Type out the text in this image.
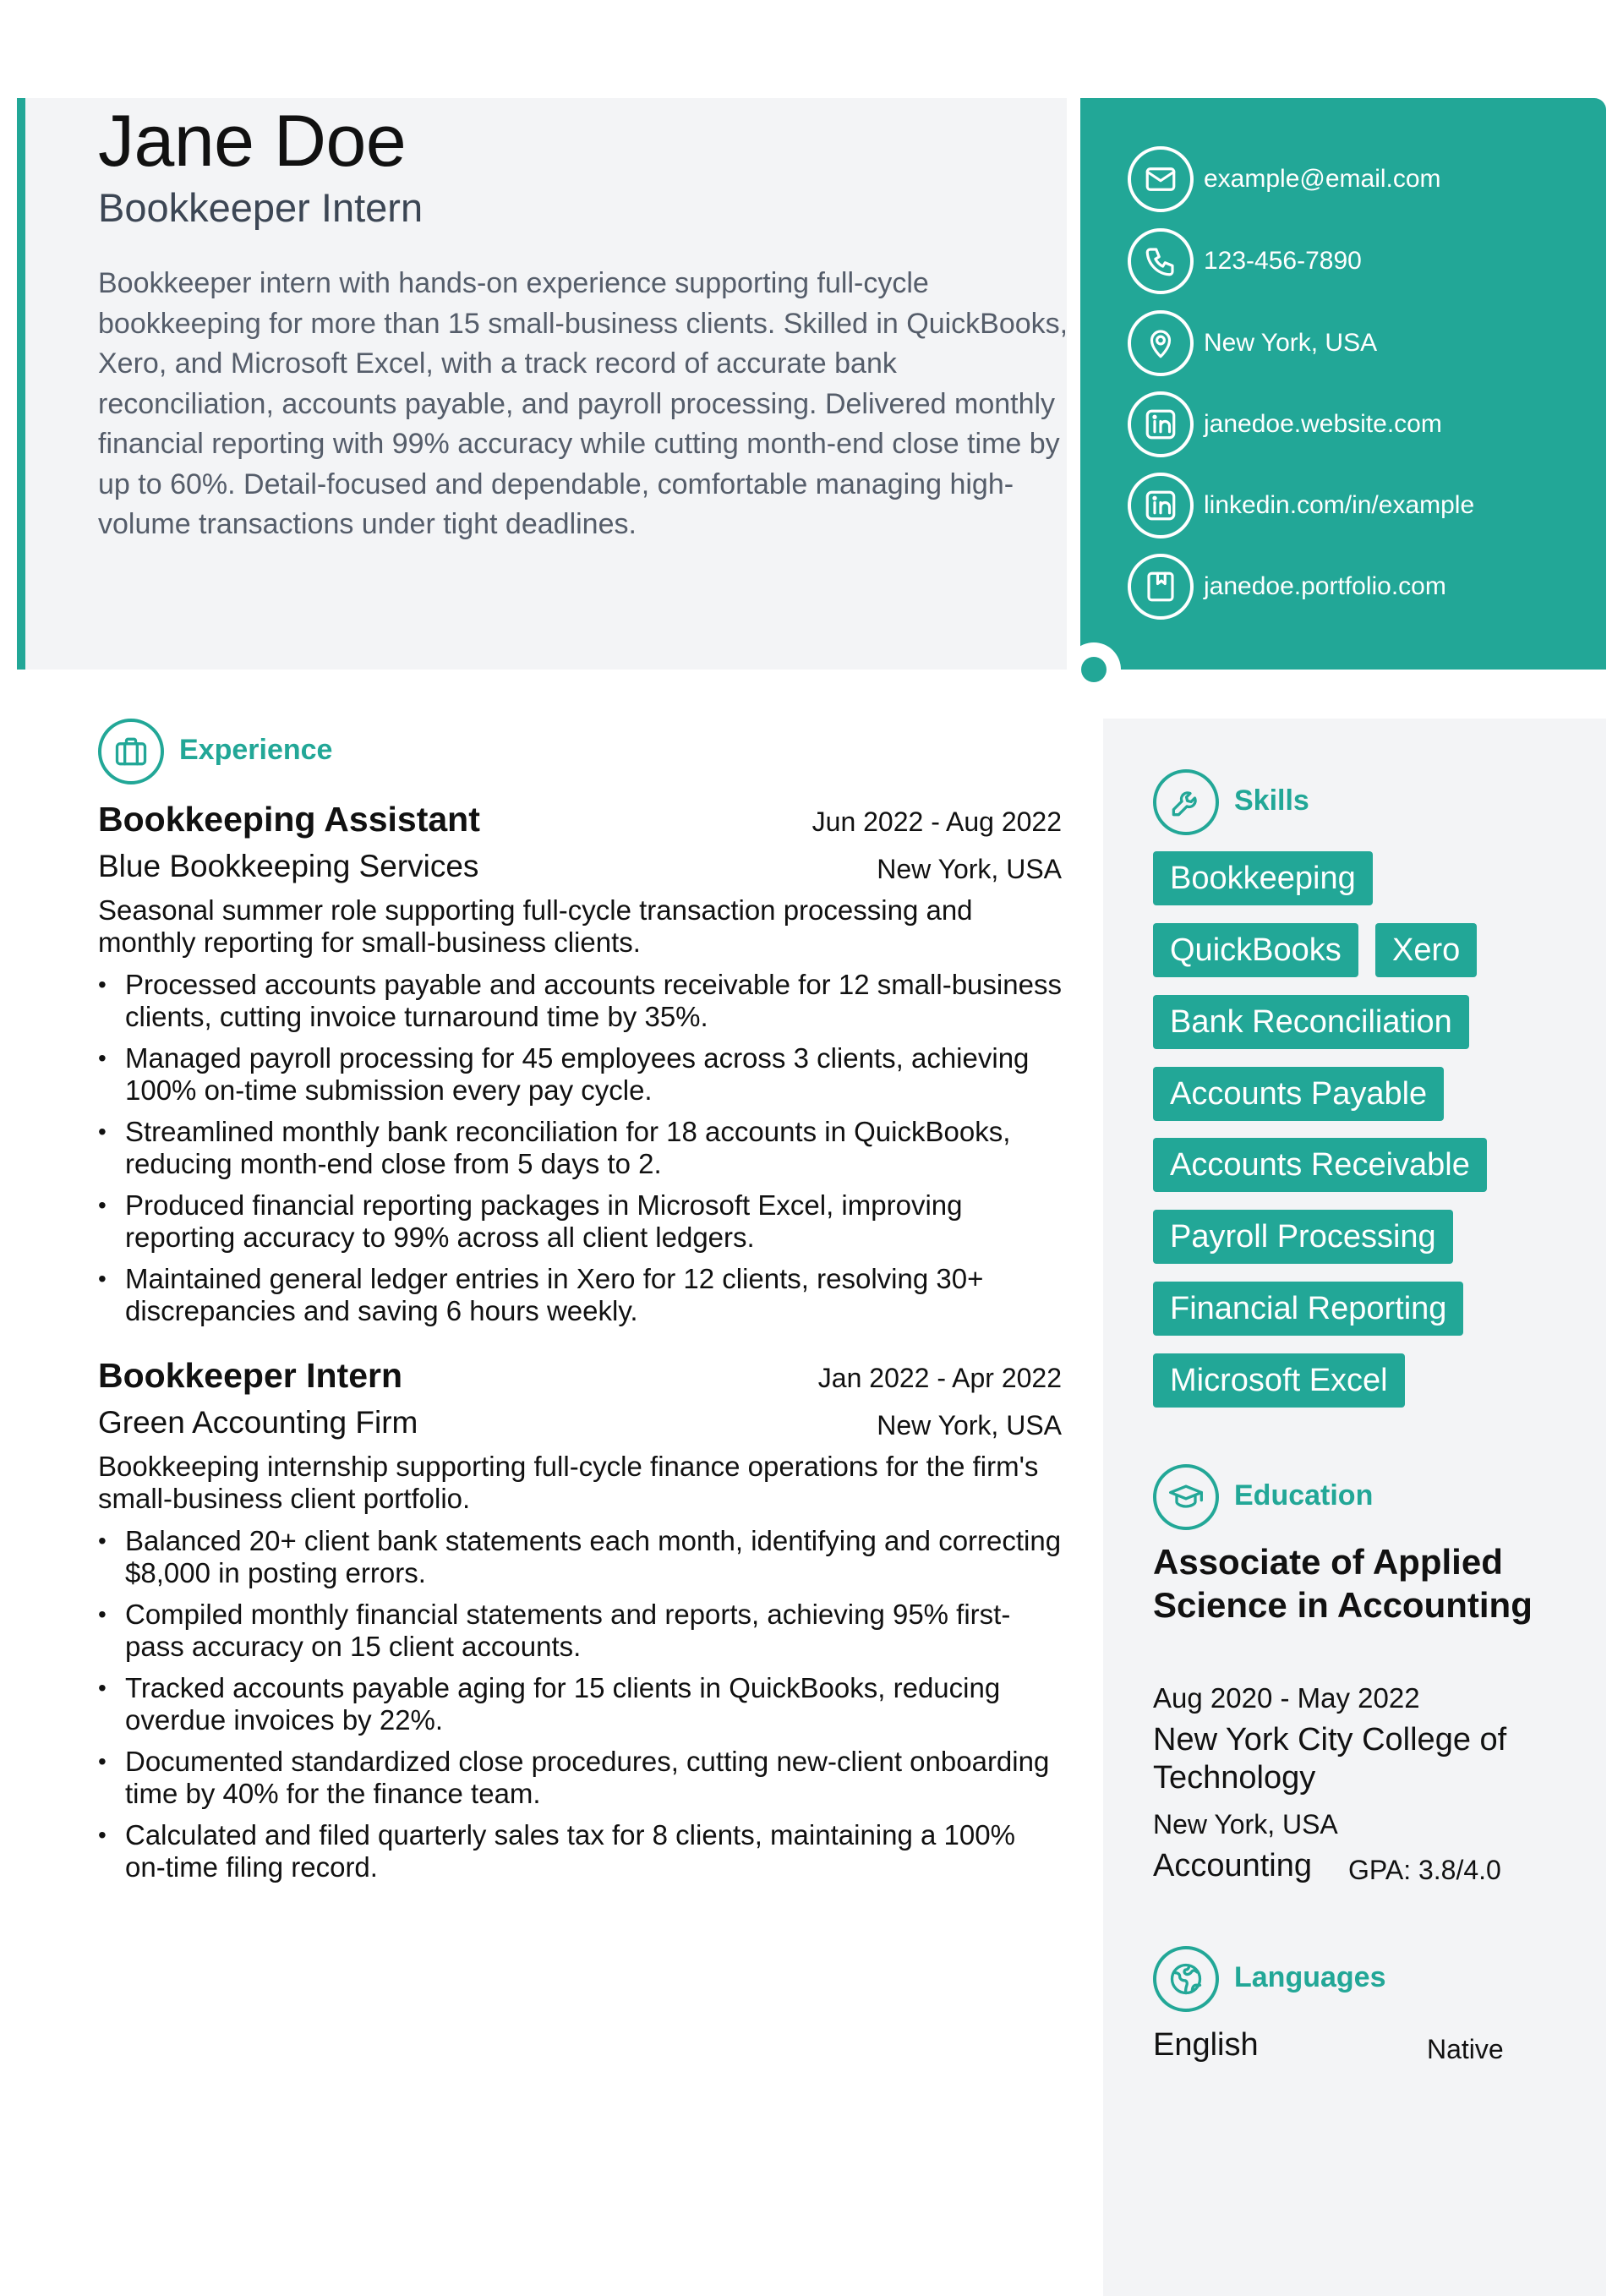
Jane Doe
Bookkeeper Intern
Bookkeeper intern with hands-on experience supporting full-cycle bookkeeping for more than 15 small-business clients. Skilled in QuickBooks, Xero, and Microsoft Excel, with a track record of accurate bank reconciliation, accounts payable, and payroll processing. Delivered monthly financial reporting with 99% accuracy while cutting month-end close time by up to 60%. Detail-focused and dependable, comfortable managing high-volume transactions under tight deadlines.
example@email.com
123-456-7890
New York, USA
janedoe.website.com
linkedin.com/in/example
janedoe.portfolio.com
Experience
Bookkeeping Assistant	Jun 2022 - Aug 2022
Blue Bookkeeping Services	New York, USA
Seasonal summer role supporting full-cycle transaction processing and monthly reporting for small-business clients.
• Processed accounts payable and accounts receivable for 12 small-business clients, cutting invoice turnaround time by 35%.
• Managed payroll processing for 45 employees across 3 clients, achieving 100% on-time submission every pay cycle.
• Streamlined monthly bank reconciliation for 18 accounts in QuickBooks, reducing month-end close from 5 days to 2.
• Produced financial reporting packages in Microsoft Excel, improving reporting accuracy to 99% across all client ledgers.
• Maintained general ledger entries in Xero for 12 clients, resolving 30+ discrepancies and saving 6 hours weekly.
Bookkeeper Intern	Jan 2022 - Apr 2022
Green Accounting Firm	New York, USA
Bookkeeping internship supporting full-cycle finance operations for the firm's small-business client portfolio.
• Balanced 20+ client bank statements each month, identifying and correcting $8,000 in posting errors.
• Compiled monthly financial statements and reports, achieving 95% first-pass accuracy on 15 client accounts.
• Tracked accounts payable aging for 15 clients in QuickBooks, reducing overdue invoices by 22%.
• Documented standardized close procedures, cutting new-client onboarding time by 40% for the finance team.
• Calculated and filed quarterly sales tax for 8 clients, maintaining a 100% on-time filing record.
Skills
Bookkeeping
QuickBooks	Xero
Bank Reconciliation
Accounts Payable
Accounts Receivable
Payroll Processing
Financial Reporting
Microsoft Excel
Education
Associate of Applied Science in Accounting
Aug 2020 - May 2022
New York City College of Technology
New York, USA
Accounting GPA: 3.8/4.0
Languages
English	Native
